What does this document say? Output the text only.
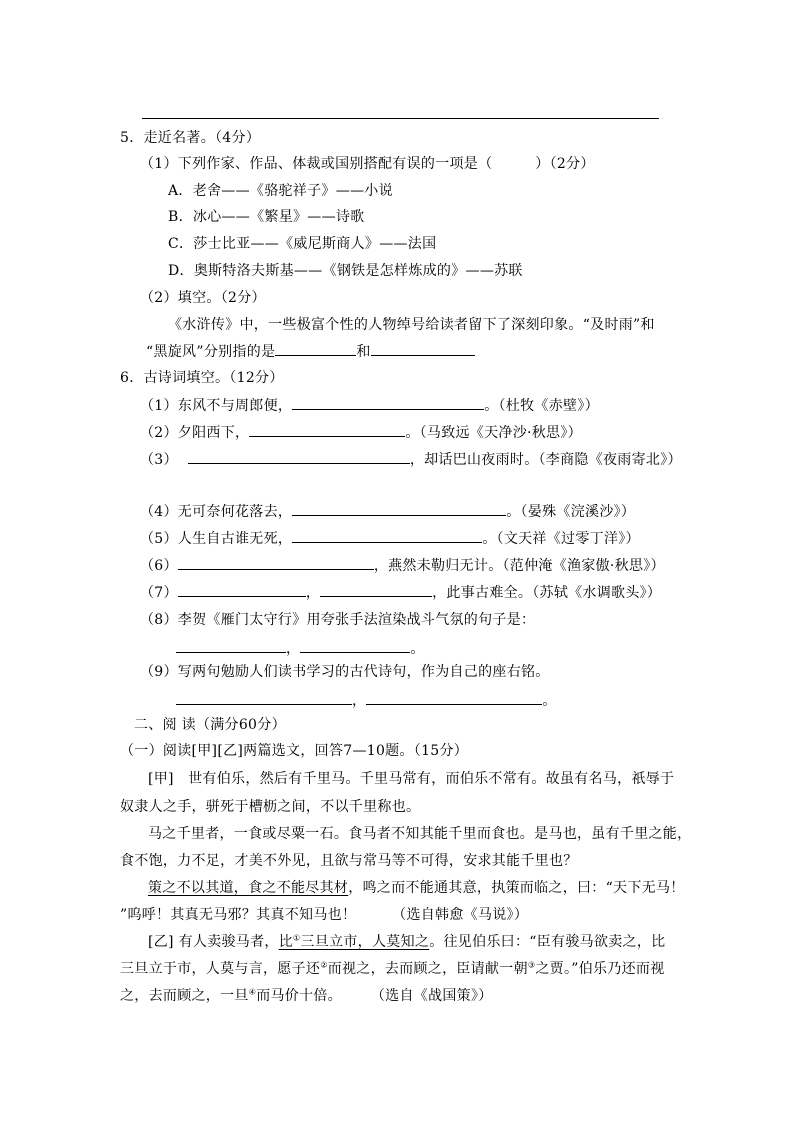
5．走近名著。（4分）
（1）下列作家、作品、体裁或国别搭配有误的一项是（　　　）（2分）
A．老舍——《骆驼祥子》——小说
B．冰心——《繁星》——诗歌
C．莎士比亚——《威尼斯商人》——法国
D．奥斯特洛夫斯基——《钢铁是怎样炼成的》——苏联
（2）填空。（2分）
《水浒传》中，一些极富个性的人物绰号给读者留下了深刻印象。“及时雨”和
“黑旋风”分别指的是	和
6．古诗词填空。（12分）
（1）东风不与周郎便，	。（杜牧《赤壁》）
（2）夕阳西下，	。（马致远《天净沙·秋思》）
（3）	，却话巴山夜雨时。（李商隐《夜雨寄北》）
（4）无可奈何花落去，	。（晏殊《浣溪沙》）
（5）人生自古谁无死，	。（文天祥《过零丁洋》）
（6）	，燕然未勒归无计。（范仲淹《渔家傲·秋思》）
（7）	，	，此事古难全。（苏轼《水调歌头》）
（8）李贺《雁门太守行》用夸张手法渲染战斗气氛的句子是：
，	。
（9）写两句勉励人们读书学习的古代诗句，作为自己的座右铭。
，	。
二、阅 读（满分60分）
（一）阅读[甲][乙]两篇选文，回答7—10题。（15分）
[甲]　世有伯乐，然后有千里马。千里马常有，而伯乐不常有。故虽有名马，祇辱于
奴隶人之手，骈死于槽枥之间，不以千里称也。
马之千里者，一食或尽粟一石。食马者不知其能千里而食也。是马也，虽有千里之能，
食不饱，力不足，才美不外见，且欲与常马等不可得，安求其能千里也？
策之不以其道，食之不能尽其材，鸣之而不能通其意，执策而临之，曰：“天下无马！
”呜呼！其真无马邪？其真不知马也！　　　（选自韩愈《马说》）
[乙] 有人卖骏马者，比①三旦立市，人莫知之。往见伯乐曰：“臣有骏马欲卖之，比
三旦立于市，人莫与言，愿子还②而视之，去而顾之，臣请献一朝③之贾。”伯乐乃还而视
之，去而顾之，一旦④而马价十倍。　　　（选自《战国策》）
